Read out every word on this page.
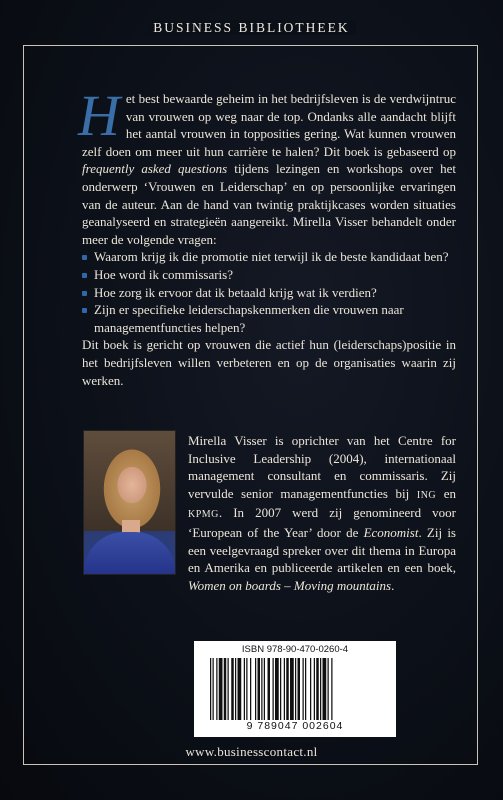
BUSINESS BIBLIOTHEEK

Het best bewaarde geheim in het bedrijfsleven is de verdwijntruc van vrouwen op weg naar de top. Ondanks alle aandacht blijft het aantal vrouwen in topposities gering. Wat kunnen vrouwen zelf doen om meer uit hun carrière te halen? Dit boek is gebaseerd op frequently asked questions tijdens lezingen en workshops over het onderwerp ‘Vrouwen en Leiderschap’ en op persoonlijke ervaringen van de auteur. Aan de hand van twintig praktijkcases worden situaties geanalyseerd en strategieën aangereikt. Mirella Visser behandelt onder meer de volgende vragen:

Waarom krijg ik die promotie niet terwijl ik de beste kandidaat ben?
Hoe word ik commissaris?
Hoe zorg ik ervoor dat ik betaald krijg wat ik verdien?
Zijn er specifieke leiderschapskenmerken die vrouwen naar managementfuncties helpen?

Dit boek is gericht op vrouwen die actief hun (leiderschaps)positie in het bedrijfsleven willen verbeteren en op de organisaties waarin zij werken.

Mirella Visser is oprichter van het Centre for Inclusive Leadership (2004), internationaal management consultant en commissaris. Zij vervulde senior managementfuncties bij ING en KPMG. In 2007 werd zij genomineerd voor ‘European of the Year’ door de Economist. Zij is een veelgevraagd spreker over dit thema in Europa en Amerika en publiceerde artikelen en een boek, Women on boards – Moving mountains.
ISBN 978-90-470-0260-4
9 789047 002604
www.businesscontact.nl
